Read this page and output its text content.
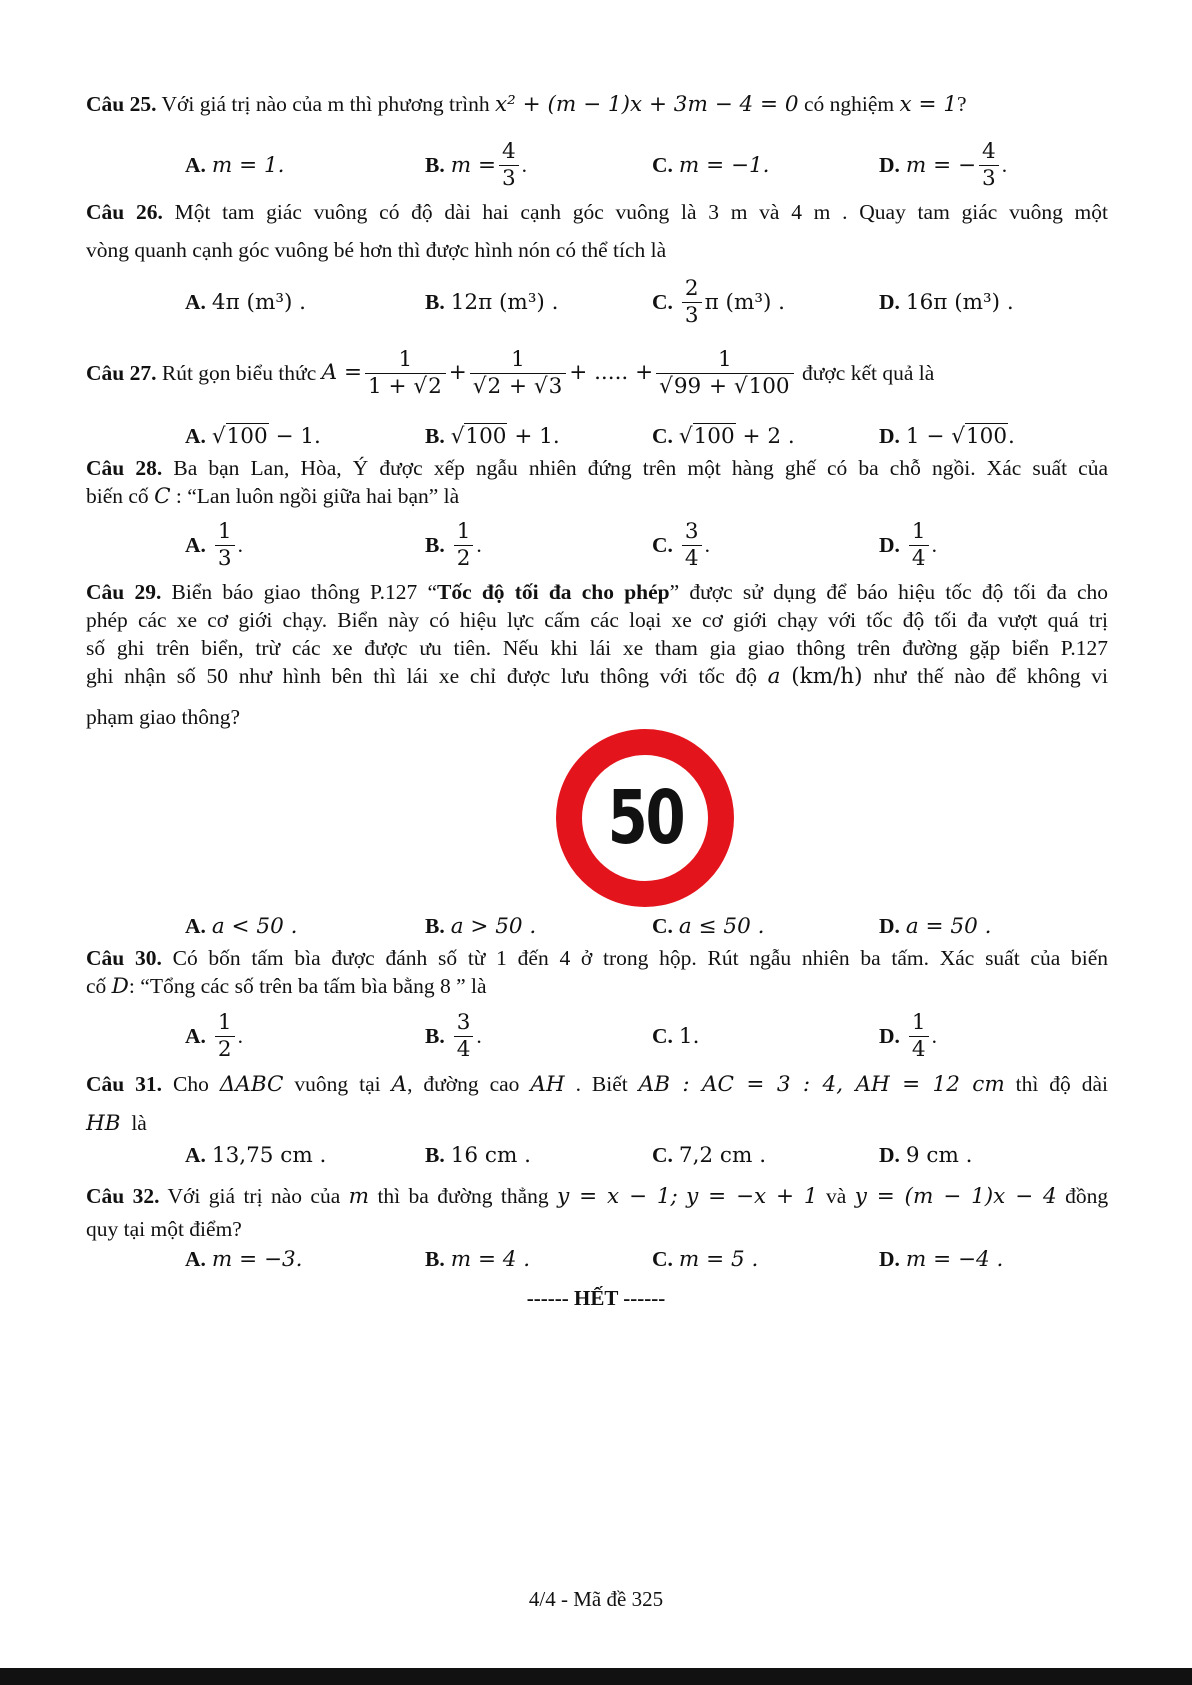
Câu 25. Với giá trị nào của m thì phương trình x² + (m − 1)x + 3m − 4 = 0 có nghiệm x = 1?
A. m = 1.	B. $m = \frac{4}{3}$ .	C. m = −1.	D. m = − $\frac{4}{3}$ .
Câu 26. Một tam giác vuông có độ dài hai cạnh góc vuông là 3 m và 4 m . Quay tam giác vuông một
vòng quanh cạnh góc vuông bé hơn thì được hình nón có thể tích là
A. 4π (m³) .	B. 12π (m³) .	C. $\frac{2}{3}$ π (m³) .	D. 16π (m³) .
Câu 27.
Rút gọn biểu thức
$A = \frac{1}{1 + √2} + \frac{1}{√2 + √3}$ + ..... + $\frac{1}{√99 + √100}$
được kết quả là
A. √100 − 1.	B. √100 + 1.	C. √100 + 2 .	D. 1 − √100.
Câu 28. Ba bạn Lan, Hòa, Ý được xếp ngẫu nhiên đứng trên một hàng ghế có ba chỗ ngồi. Xác suất của
biến cố C : “Lan luôn ngồi giữa hai bạn” là
A. $\frac{1}{3}$ .	B. $\frac{1}{2}$ .	C. $\frac{3}{4}$ .	D. $\frac{1}{4}$ .
Câu 29. Biển báo giao thông P.127 “Tốc độ tối đa cho phép” được sử dụng để báo hiệu tốc độ tối đa cho
phép các xe cơ giới chạy. Biển này có hiệu lực cấm các loại xe cơ giới chạy với tốc độ tối đa vượt quá trị
số ghi trên biển, trừ các xe được ưu tiên. Nếu khi lái xe tham gia giao thông trên đường gặp biển P.127
ghi nhận số 50 như hình bên thì lái xe chỉ được lưu thông với tốc độ a (km/h) như thế nào để không vi
phạm giao thông?
50
A. a < 50 .	B. a > 50 .	C. a ≤ 50 .	D. a = 50 .
Câu 30. Có bốn tấm bìa được đánh số từ 1 đến 4 ở trong hộp. Rút ngẫu nhiên ba tấm. Xác suất của biến
cố D: “Tổng các số trên ba tấm bìa bằng 8 ” là
A. $\frac{1}{2}$ .	B. $\frac{3}{4}$ .	C. 1.	D. $\frac{1}{4}$ .
Câu 31. Cho ΔABC vuông tại A, đường cao AH . Biết AB : AC = 3 : 4, AH = 12 cm thì độ dài
HB là
A. 13,75 cm .	B. 16 cm .	C. 7,2 cm .	D. 9 cm .
Câu 32. Với giá trị nào của m thì ba đường thẳng y = x − 1; y = −x + 1 và y = (m − 1)x − 4 đồng
quy tại một điểm?
A. m = −3.	B. m = 4 .	C. m = 5 .	D. m = −4 .
------ HẾT ------
4/4 - Mã đề 325
